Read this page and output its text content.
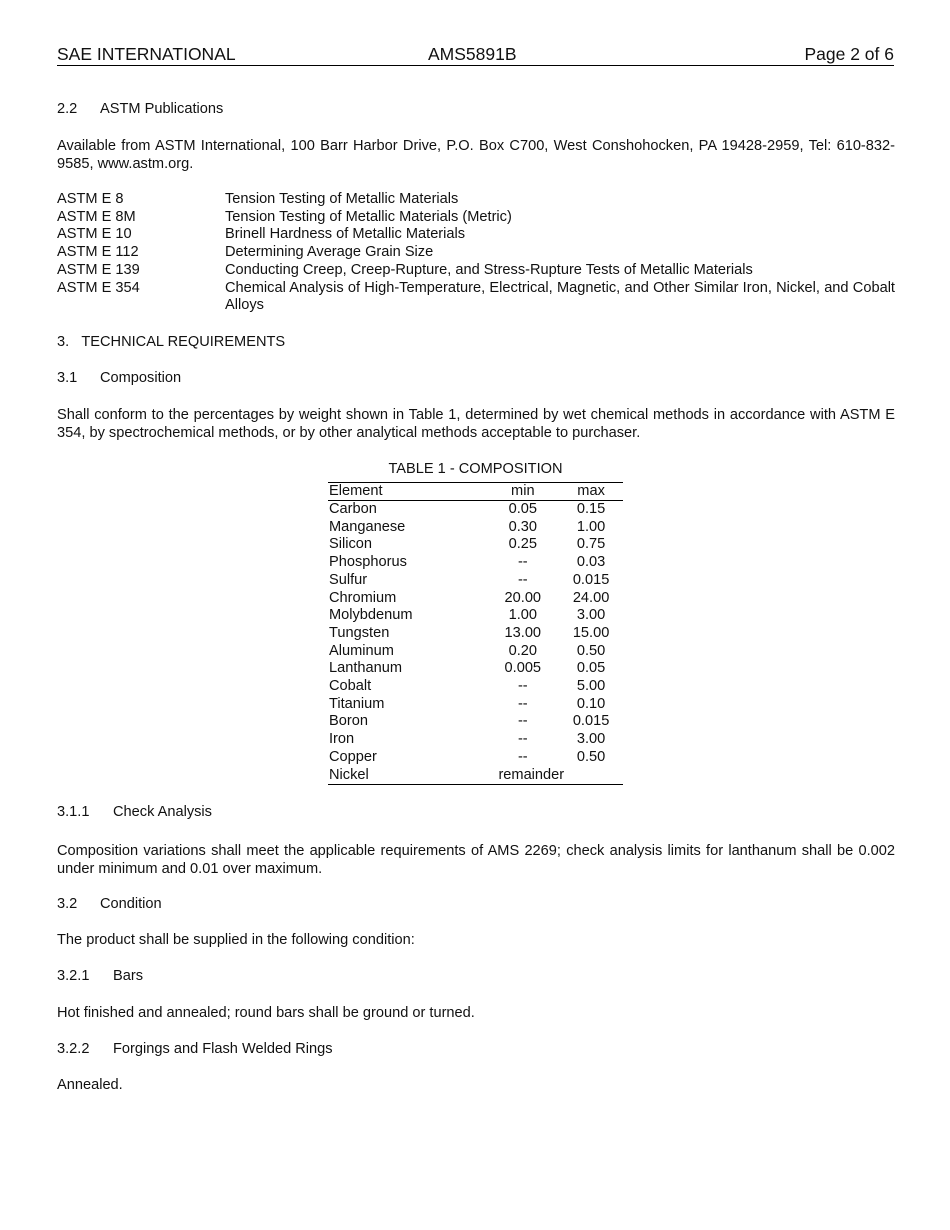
SAE INTERNATIONAL	AMS5891B	Page 2 of 6
2.2 ASTM Publications
Available from ASTM International, 100 Barr Harbor Drive, P.O. Box C700, West Conshohocken, PA 19428-2959, Tel: 610-832-9585, www.astm.org.
ASTM E 8	Tension Testing of Metallic Materials
ASTM E 8M	Tension Testing of Metallic Materials (Metric)
ASTM E 10	Brinell Hardness of Metallic Materials
ASTM E 112	Determining Average Grain Size
ASTM E 139	Conducting Creep, Creep-Rupture, and Stress-Rupture Tests of Metallic Materials
ASTM E 354	Chemical Analysis of High-Temperature, Electrical, Magnetic, and Other Similar Iron, Nickel, and Cobalt Alloys
3. TECHNICAL REQUIREMENTS
3.1 Composition
Shall conform to the percentages by weight shown in Table 1, determined by wet chemical methods in accordance with ASTM E 354, by spectrochemical methods, or by other analytical methods acceptable to purchaser.
TABLE 1 - COMPOSITION
Element	min	max
Carbon	0.05	0.15
Manganese	0.30	1.00
Silicon	0.25	0.75
Phosphorus	--	0.03
Sulfur	--	0.015
Chromium	20.00	24.00
Molybdenum	1.00	3.00
Tungsten	13.00	15.00
Aluminum	0.20	0.50
Lanthanum	0.005	0.05
Cobalt	--	5.00
Titanium	--	0.10
Boron	--	0.015
Iron	--	3.00
Copper	--	0.50
Nickel	remainder	
3.1.1 Check Analysis
Composition variations shall meet the applicable requirements of AMS 2269; check analysis limits for lanthanum shall be 0.002 under minimum and 0.01 over maximum.
3.2 Condition
The product shall be supplied in the following condition:
3.2.1 Bars
Hot finished and annealed; round bars shall be ground or turned.
3.2.2 Forgings and Flash Welded Rings
Annealed.
